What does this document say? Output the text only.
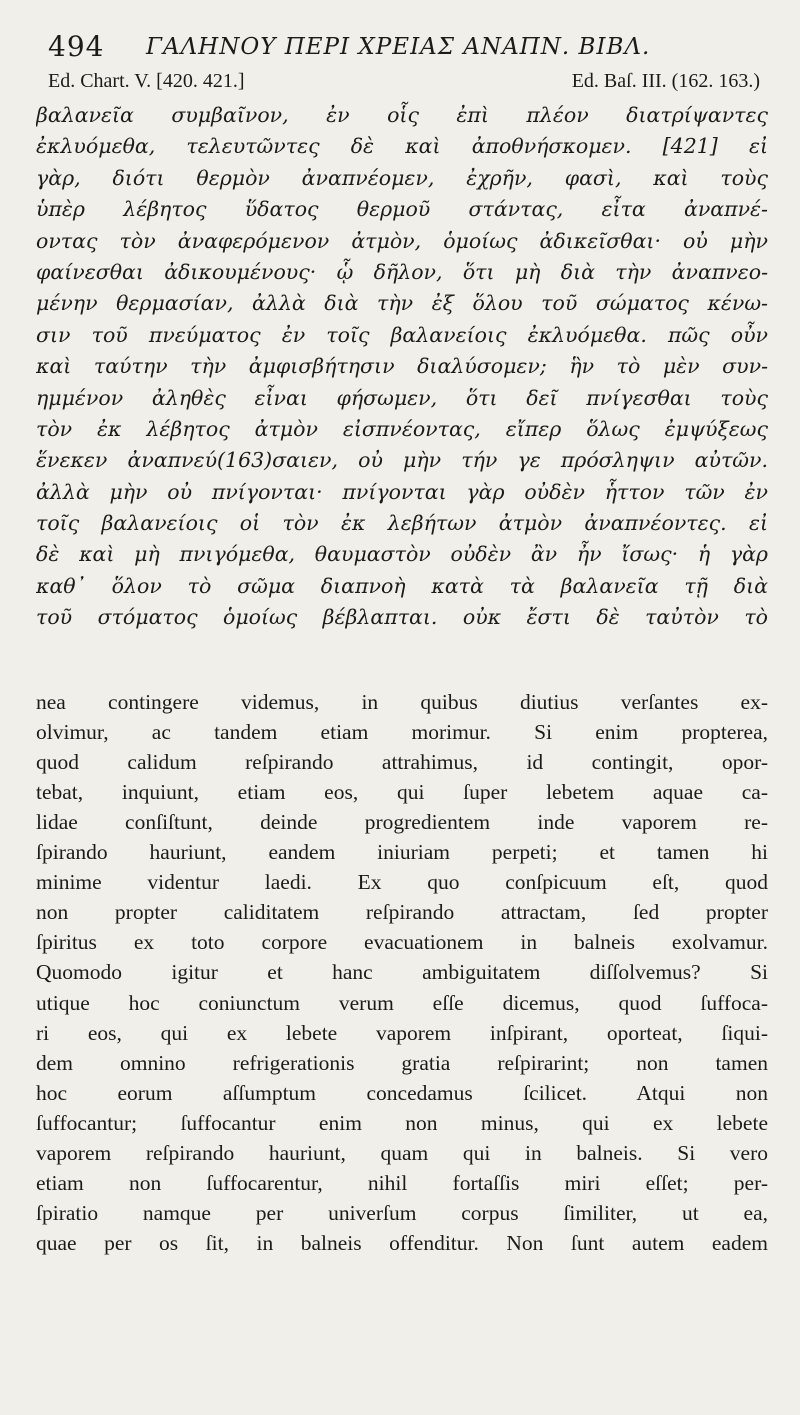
494 ΓΑΛΗΝΟΥ ΠΕΡΙ ΧΡΕΙΑΣ ΑΝΑΠΝ. ΒΙΒΛ.
Ed. Chart. V. [420. 421.]	Ed. Baſ. III. (162. 163.)
βαλανεῖα συμβαῖνον, ἐν οἷς ἐπὶ πλέον διατρίψαντες
ἐκλυόμεθα, τελευτῶντες δὲ καὶ ἀποθνήσκομεν. [421] εἰ
γὰρ, διότι θερμὸν ἀναπνέομεν, ἐχρῆν, φασὶ, καὶ τοὺς
ὑπὲρ λέβητος ὕδατος θερμοῦ στάντας, εἶτα ἀναπνέ-
οντας τὸν ἀναφερόμενον ἀτμὸν, ὁμοίως ἀδικεῖσθαι· οὐ μὴν
φαίνεσθαι ἀδικουμένους· ᾧ δῆλον, ὅτι μὴ διὰ τὴν ἀναπνεο-
μένην θερμασίαν, ἀλλὰ διὰ τὴν ἐξ ὅλου τοῦ σώματος κένω-
σιν τοῦ πνεύματος ἐν τοῖς βαλανείοις ἐκλυόμεθα. πῶς οὖν
καὶ ταύτην τὴν ἀμφισβήτησιν διαλύσομεν; ἣν τὸ μὲν συν-
ημμένον ἀληθὲς εἶναι φήσωμεν, ὅτι δεῖ πνίγεσθαι τοὺς
τὸν ἐκ λέβητος ἀτμὸν εἰσπνέοντας, εἴπερ ὅλως ἐμψύξεως
ἕνεκεν ἀναπνεύ(163)σαιεν, οὐ μὴν τήν γε πρόσληψιν αὐτῶν.
ἀλλὰ μὴν οὐ πνίγονται· πνίγονται γὰρ οὐδὲν ἧττον τῶν ἐν
τοῖς βαλανείοις οἱ τὸν ἐκ λεβήτων ἀτμὸν ἀναπνέοντες. εἰ
δὲ καὶ μὴ πνιγόμεθα, θαυμαστὸν οὐδὲν ἂν ἦν ἴσως· ἡ γὰρ
καθ᾽ ὅλον τὸ σῶμα διαπνοὴ κατὰ τὰ βαλανεῖα τῇ διὰ
τοῦ στόματος ὁμοίως βέβλαπται. οὐκ ἔστι δὲ ταὐτὸν τὸ
nea contingere videmus, in quibus diutius verſantes ex-
olvimur, ac tandem etiam morimur. Si enim propterea,
quod calidum reſpirando attrahimus, id contingit, opor-
tebat, inquiunt, etiam eos, qui ſuper lebetem aquae ca-
lidae conſiſtunt, deinde progredientem inde vaporem re-
ſpirando hauriunt, eandem iniuriam perpeti; et tamen hi
minime videntur laedi. Ex quo conſpicuum eſt, quod
non propter caliditatem reſpirando attractam, ſed propter
ſpiritus ex toto corpore evacuationem in balneis exolvamur.
Quomodo igitur et hanc ambiguitatem diſſolvemus? Si
utique hoc coniunctum verum eſſe dicemus, quod ſuffoca-
ri eos, qui ex lebete vaporem inſpirant, oporteat, ſiqui-
dem omnino refrigerationis gratia reſpirarint; non tamen
hoc eorum aſſumptum concedamus ſcilicet. Atqui non
ſuffocantur; ſuffocantur enim non minus, qui ex lebete
vaporem reſpirando hauriunt, quam qui in balneis. Si vero
etiam non ſuffocarentur, nihil fortaſſis miri eſſet; per-
ſpiratio namque per univerſum corpus ſimiliter, ut ea,
quae per os ſit, in balneis offenditur. Non ſunt autem eadem
